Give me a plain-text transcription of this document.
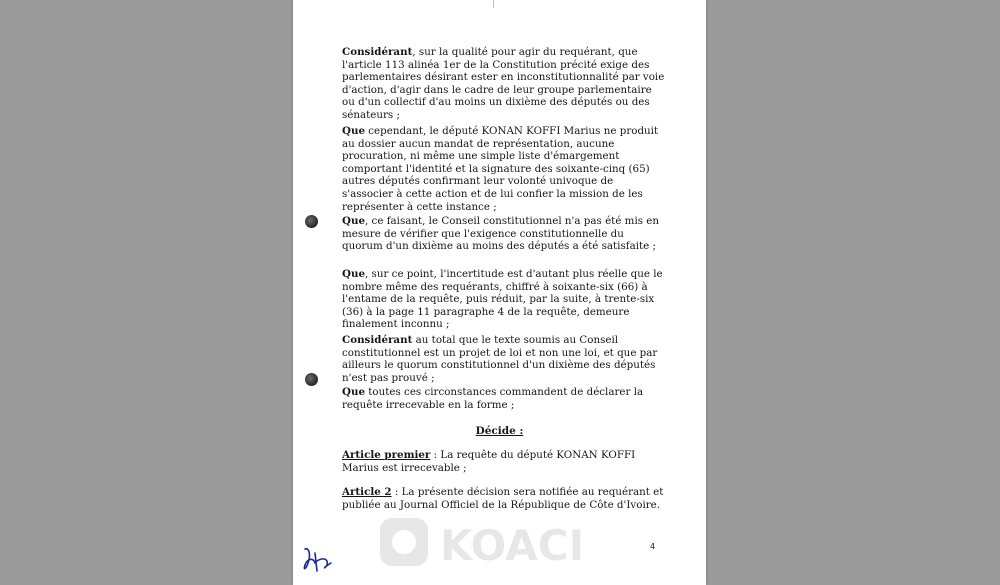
Considérant, sur la qualité pour agir du requérant, que l'article 113 alinéa 1er de la Constitution précité exige des parlementaires désirant ester en inconstitutionnalité par voie d'action, d'agir dans le cadre de leur groupe parlementaire ou d'un collectif d'au moins un dixième des députés ou des sénateurs ;
Que cependant, le député KONAN KOFFI Marius ne produit au dossier aucun mandat de représentation, aucune procuration, ni même une simple liste d'émargement comportant l'identité et la signature des soixante-cinq (65) autres députés confirmant leur volonté univoque de s'associer à cette action et de lui confier la mission de les représenter à cette instance ;
Que, ce faisant, le Conseil constitutionnel n'a pas été mis en mesure de vérifier que l'exigence constitutionnelle du quorum d'un dixième au moins des députés a été satisfaite ;
Que, sur ce point, l'incertitude est d'autant plus réelle que le nombre même des requérants, chiffré à soixante-six (66) à l'entame de la requête, puis réduit, par la suite, à trente-six (36) à la page 11 paragraphe 4 de la requête, demeure finalement inconnu ;
Considérant au total que le texte soumis au Conseil constitutionnel est un projet de loi et non une loi, et que par ailleurs le quorum constitutionnel d'un dixième des députés n'est pas prouvé ;
Que toutes ces circonstances commandent de déclarer la requête irrecevable en la forme ;
Décide :
Article premier : La requête du député KONAN KOFFI Marius est irrecevable ;
Article 2 : La présente décision sera notifiée au requérant et publiée au Journal Officiel de la République de Côte d'Ivoire.
KOACI	4
